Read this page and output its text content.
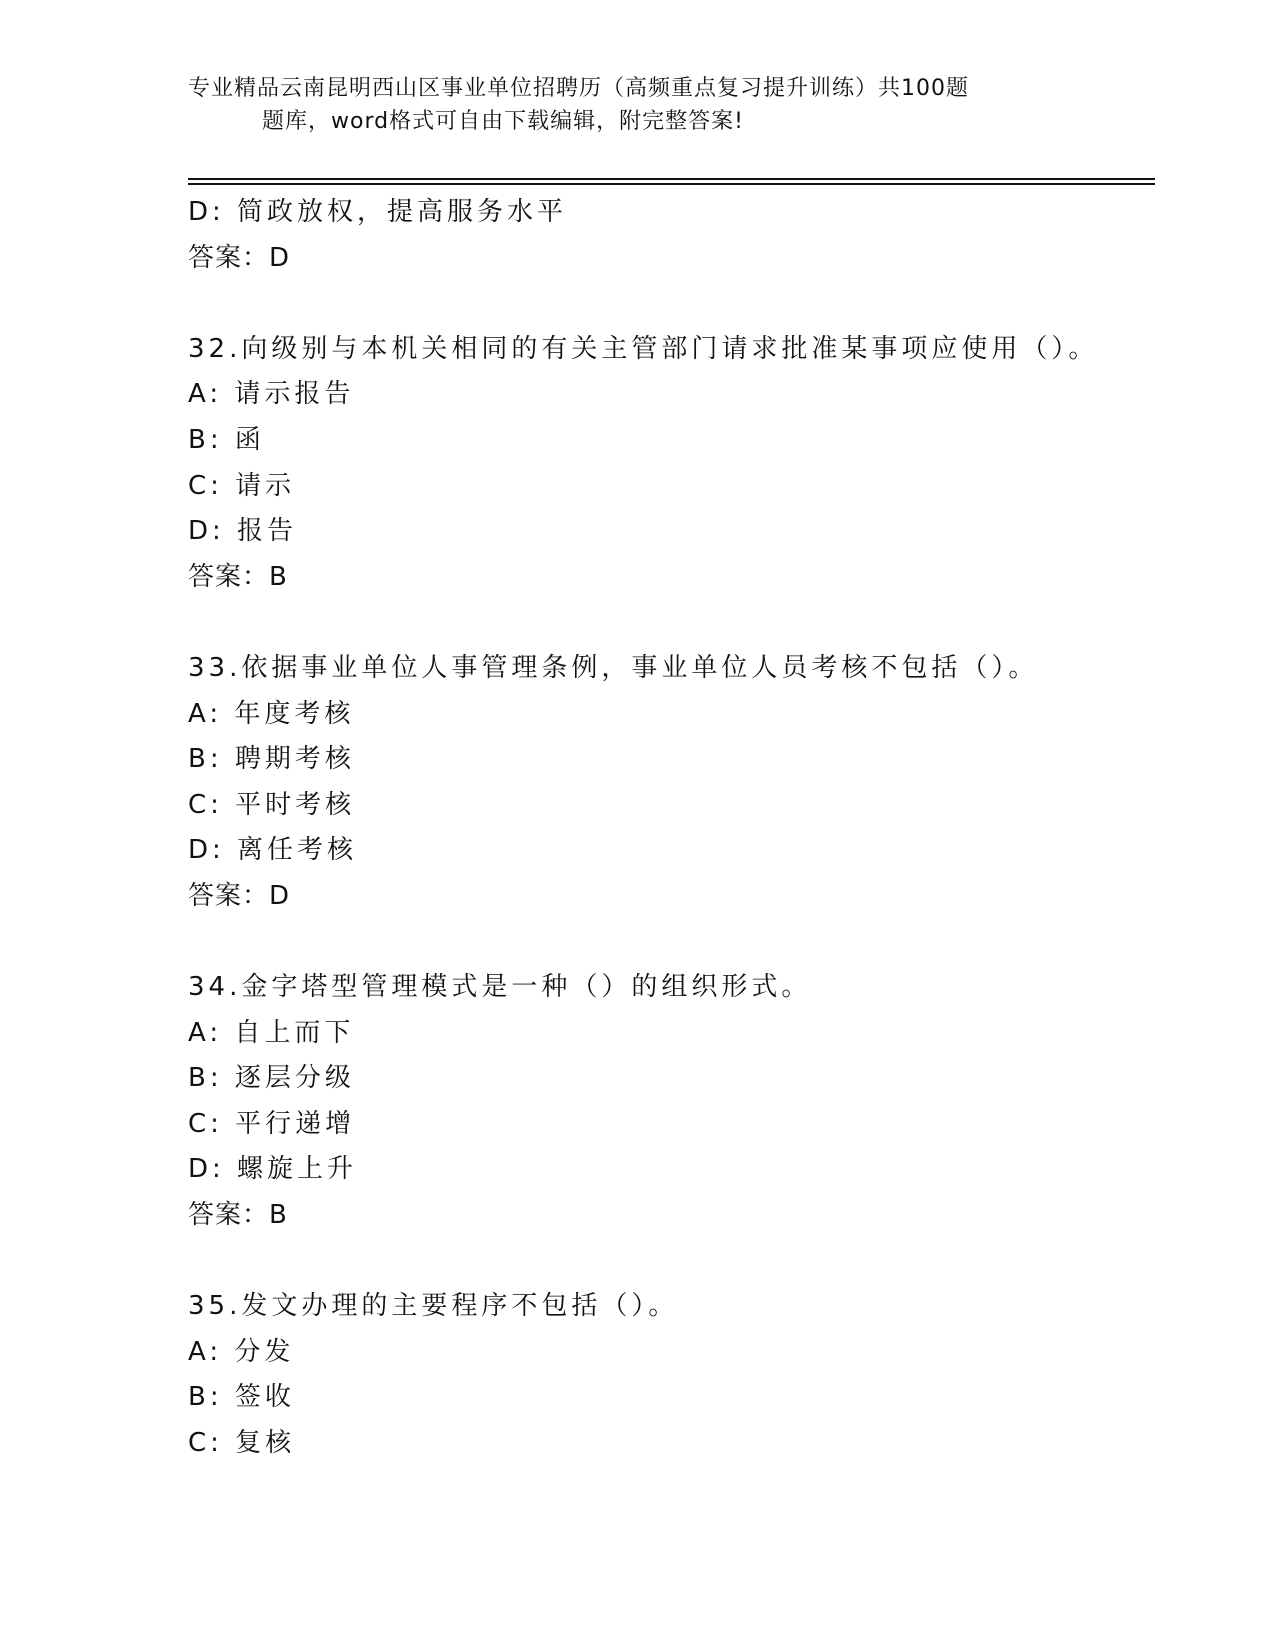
专业精品云南昆明西山区事业单位招聘历（高频重点复习提升训练）共100题
题库，word格式可自由下载编辑，附完整答案!
D: 简政放权，提高服务水平
答案：D
32.向级别与本机关相同的有关主管部门请求批准某事项应使用（）。
A: 请示报告
B: 函
C: 请示
D: 报告
答案：B
33.依据事业单位人事管理条例，事业单位人员考核不包括（）。
A: 年度考核
B: 聘期考核
C: 平时考核
D: 离任考核
答案：D
34.金字塔型管理模式是一种（）的组织形式。
A: 自上而下
B: 逐层分级
C: 平行递增
D: 螺旋上升
答案：B
35.发文办理的主要程序不包括（）。
A: 分发
B: 签收
C: 复核
